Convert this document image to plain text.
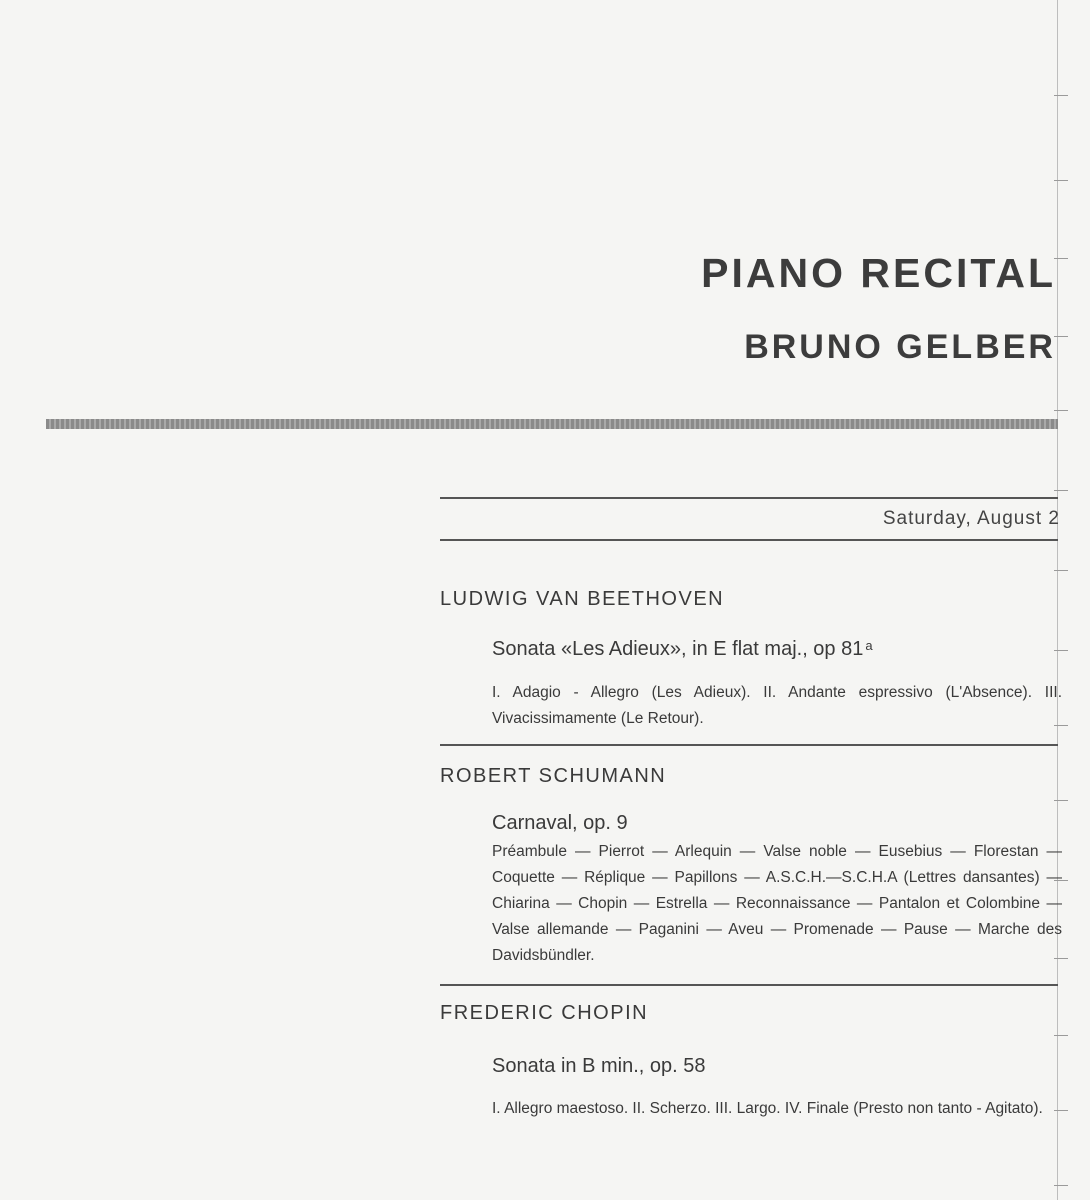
PIANO RECITAL
BRUNO GELBER
Saturday, August 2
LUDWIG VAN BEETHOVEN
Sonata «Les Adieux», in E flat maj., op 81 $^a$
I. Adagio - Allegro (Les Adieux). II. Andante espressivo (L'Absence). III. Vivacissimamente (Le Retour).
ROBERT SCHUMANN
Carnaval, op. 9
Préambule — Pierrot — Arlequin — Valse noble — Eusebius — Florestan — Coquette — Réplique — Papillons — A.S.C.H.—S.C.H.A (Lettres dansantes) — Chiarina — Chopin — Estrella — Reconnaissance — Pantalon et Colombine — Valse allemande — Paganini — Aveu — Promenade — Pause — Marche des Davidsbündler.
FREDERIC CHOPIN
Sonata in B min., op. 58
I. Allegro maestoso. II. Scherzo. III. Largo. IV. Finale (Presto non tanto - Agitato).
